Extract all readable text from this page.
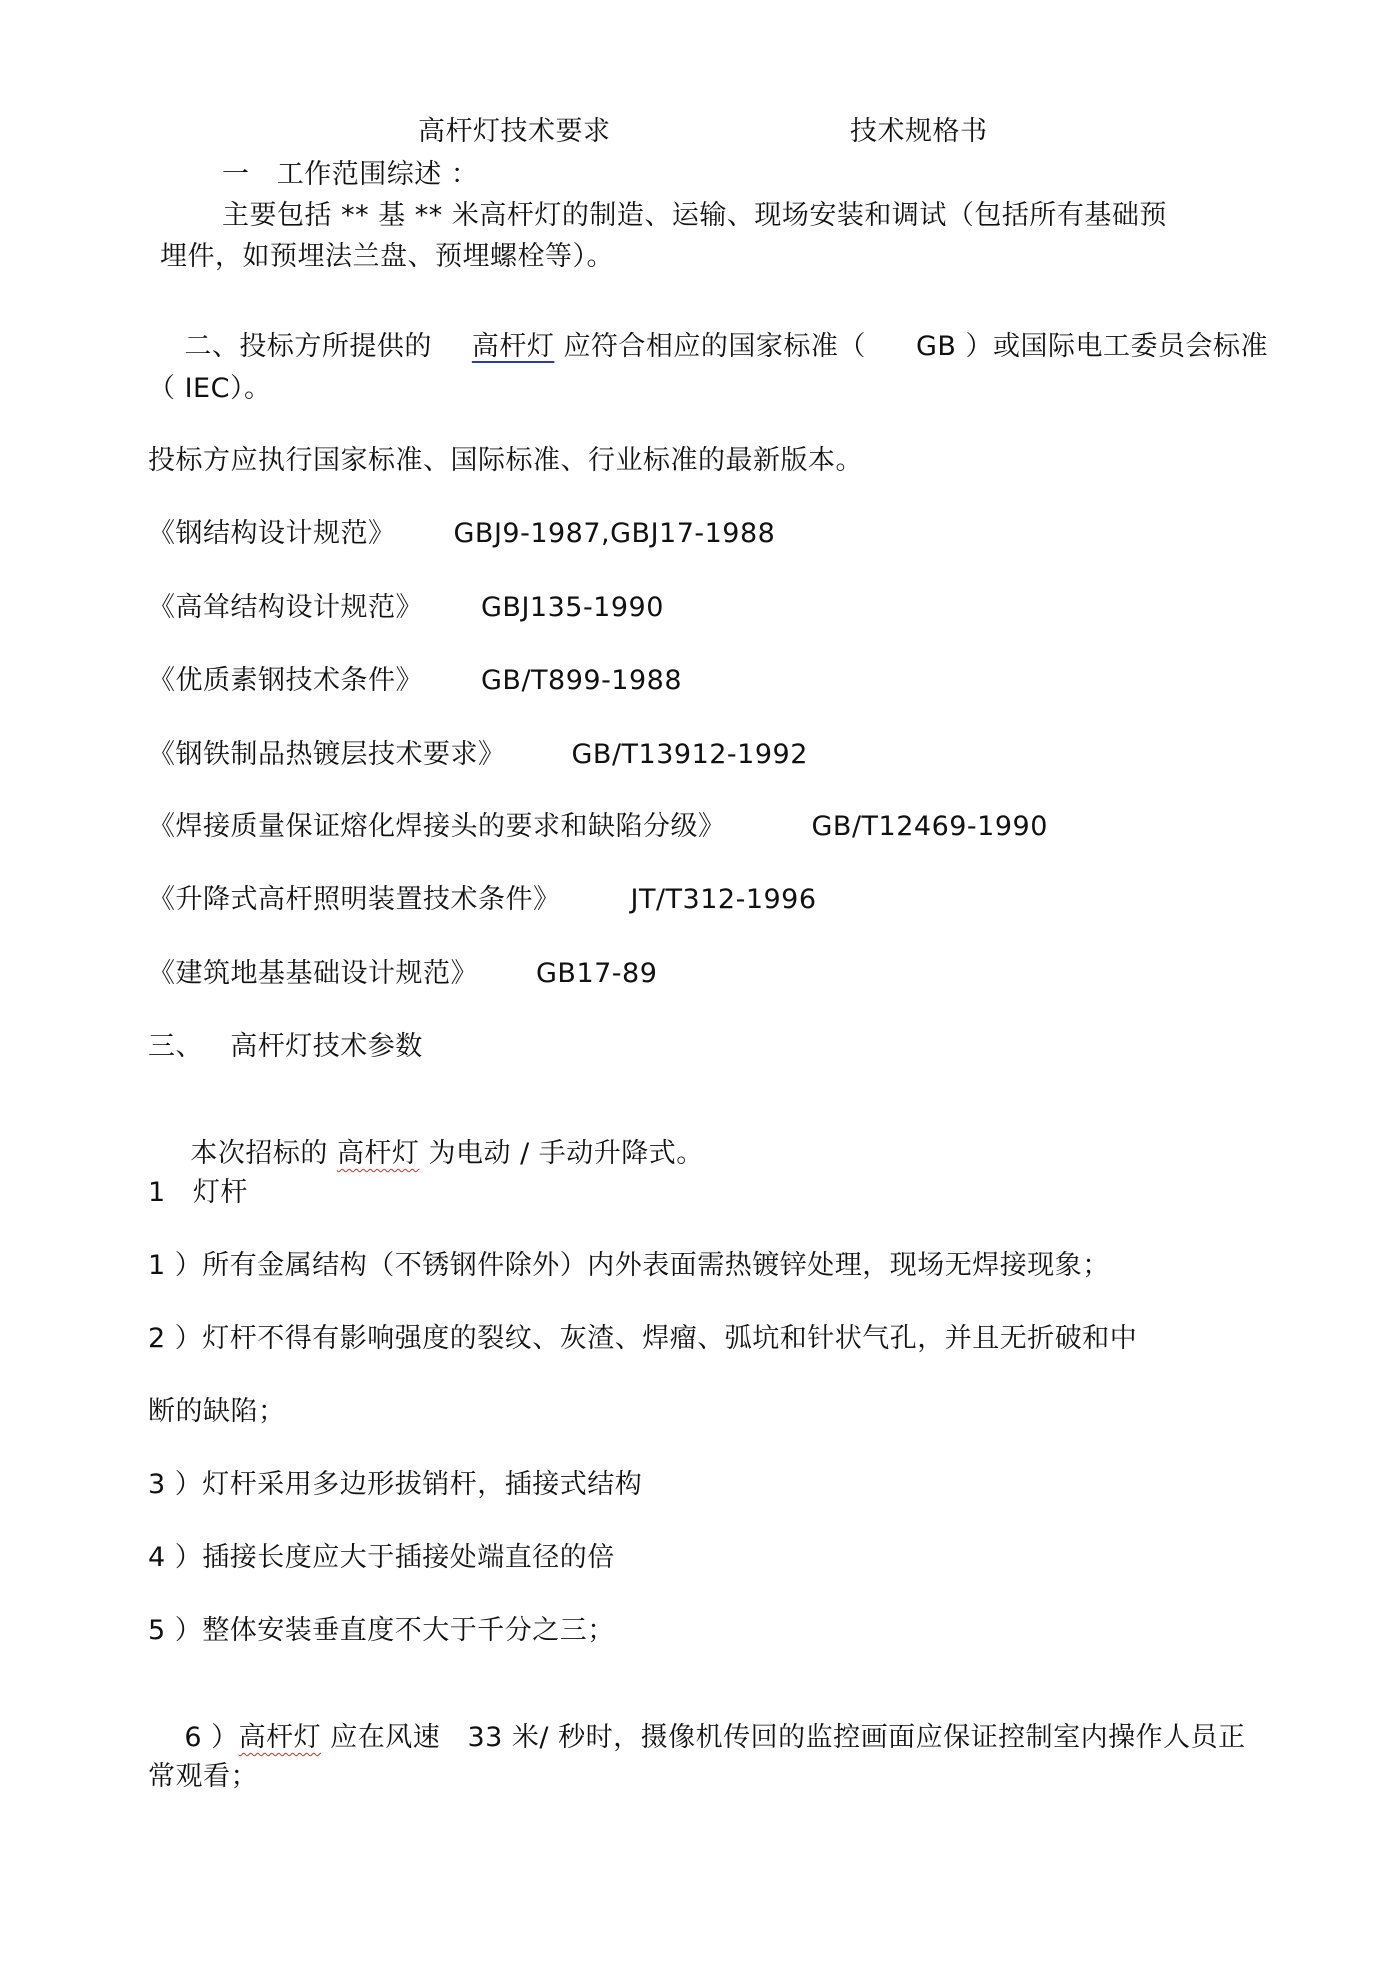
高杆灯技术要求	技术规格书
一   工作范围综述 ：
主要包括 ** 基 ** 米高杆灯的制造、运输、现场安装和调试（包括所有基础预
埋件，如预埋法兰盘、预埋螺栓等）。

二、投标方所提供的 高杆灯 应符合相应的国家标准（ GB ）或国际电工委员会标准

（ IEC）。
投标方应执行国家标准、国际标准、行业标准的最新版本。
《钢结构设计规范》 GBJ9-1987,GBJ17-1988
《高耸结构设计规范》 GBJ135-1990
《优质素钢技术条件》 GB/T899-1988
《钢铁制品热镀层技术要求》 GB/T13912-1992
《焊接质量保证熔化焊接头的要求和缺陷分级》	GB/T12469-1990
《升降式高杆照明装置技术条件》	JT/T312-1996
《建筑地基基础设计规范》 GB17-89
三、   高杆灯技术参数

本次招标的 高杆灯 为电动 / 手动升降式。

1   灯杆
1 ）所有金属结构（不锈钢件除外）内外表面需热镀锌处理，现场无焊接现象；
2 ）灯杆不得有影响强度的裂纹、灰渣、焊瘤、弧坑和针状气孔，并且无折破和中
断的缺陷；
3 ）灯杆采用多边形拔销杆，插接式结构
4 ）插接长度应大于插接处端直径的倍
5 ）整体安装垂直度不大于千分之三；

6 ）高杆灯 应在风速   33 米/ 秒时，摄像机传回的监控画面应保证控制室内操作人员正

常观看；
